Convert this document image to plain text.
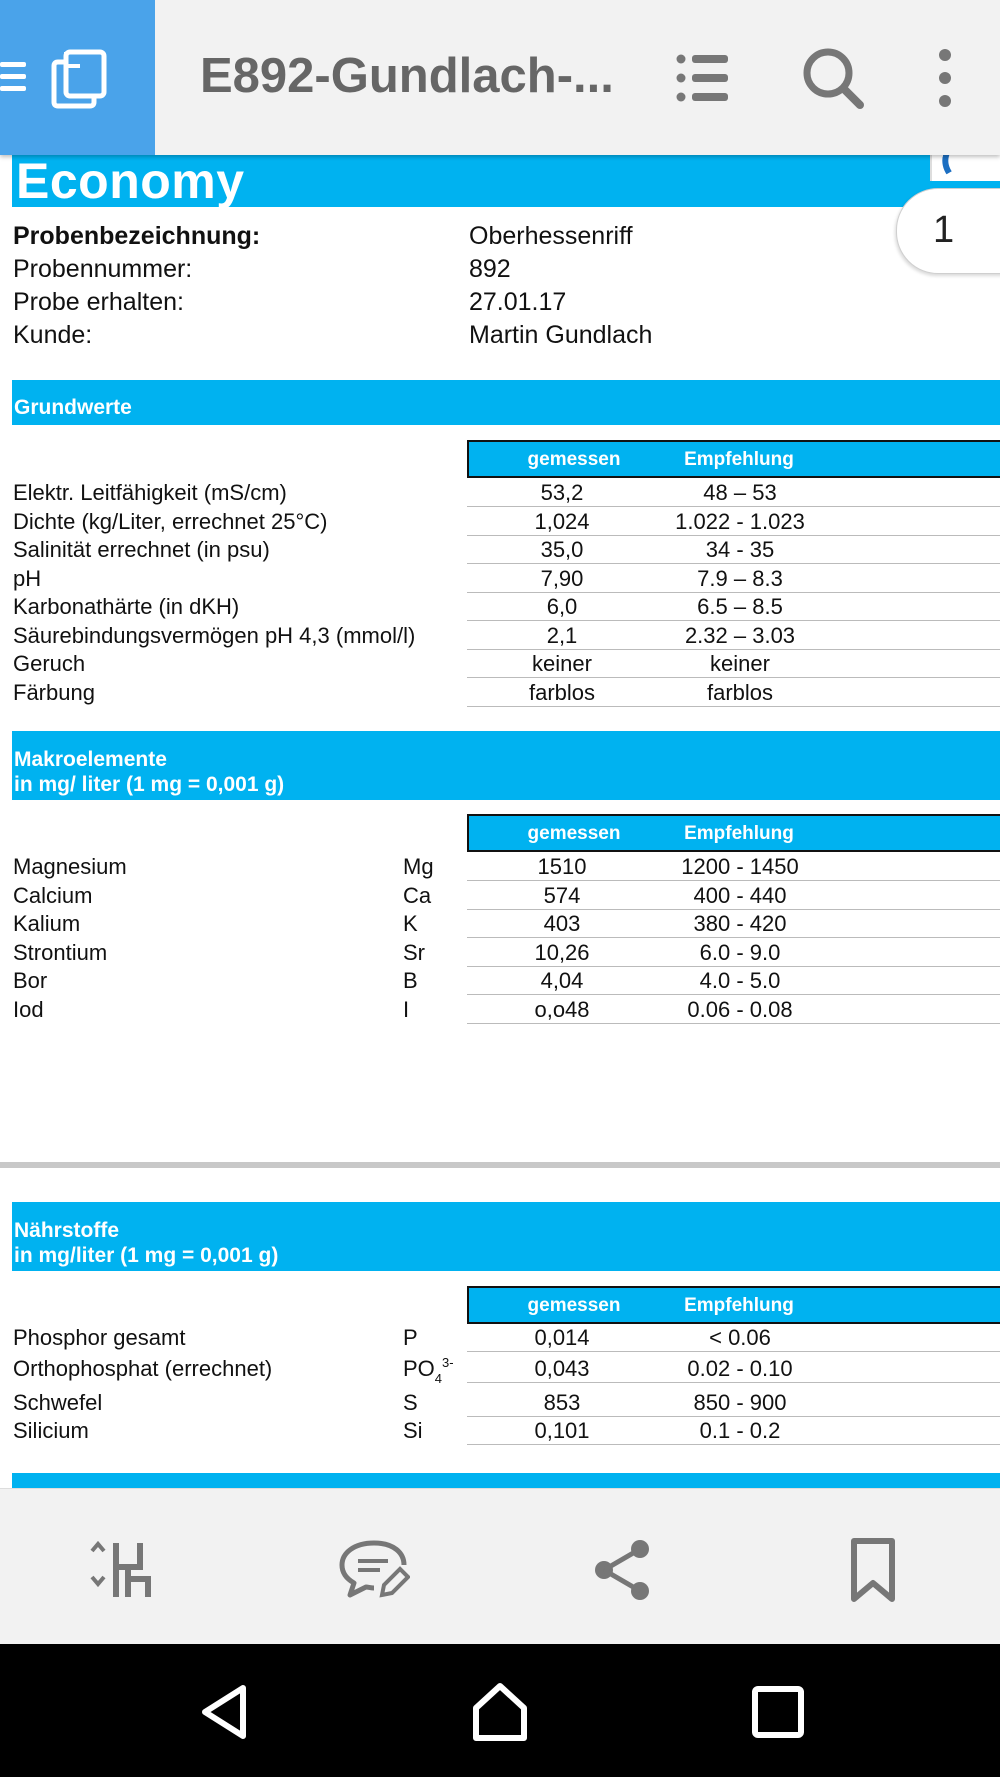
E892-Gundlach-...
Economy
1
Probenbezeichnung:	Oberhessenriff
Probennummer:	892
Probe erhalten:	27.01.17
Kunde:	Martin Gundlach
Grundwerte
gemessen	Empfehlung
Elektr. Leitfähigkeit (mS/cm)	53,2	48 – 53
Dichte (kg/Liter, errechnet 25°C)	1,024	1.022 - 1.023
Salinität errechnet (in psu)	35,0	34 - 35
pH	7,90	7.9 – 8.3
Karbonathärte (in dKH)	6,0	6.5 – 8.5
Säurebindungsvermögen pH 4,3 (mmol/l)	2,1	2.32 – 3.03
Geruch	keiner	keiner
Färbung	farblos	farblos
Makroelemente
in mg/ liter (1 mg = 0,001 g)
gemessen	Empfehlung
Magnesium	Mg	1510	1200 - 1450
Calcium	Ca	574	400 - 440
Kalium	K	403	380 - 420
Strontium	Sr	10,26	6.0 - 9.0
Bor	B	4,04	4.0 - 5.0
Iod	I	o,o48	0.06 - 0.08
Nährstoffe
in mg/liter (1 mg = 0,001 g)
gemessen	Empfehlung
Phosphor gesamt	P	0,014	< 0.06
Orthophosphat (errechnet)	$PO_4^{3-}$	0,043	0.02 - 0.10
Schwefel	S	853	850 - 900
Silicium	Si	0,101	0.1 - 0.2
